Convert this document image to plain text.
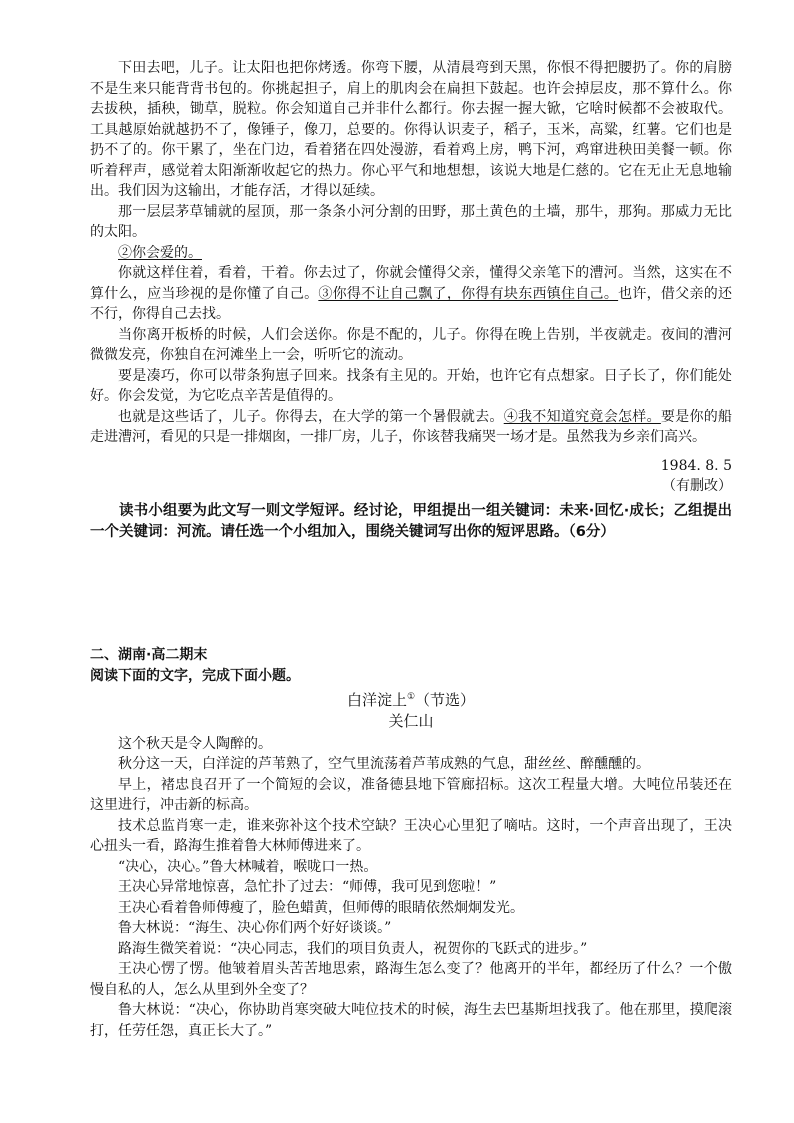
下田去吧，儿子。让太阳也把你烤透。你弯下腰，从清晨弯到天黑，你恨不得把腰扔了。你的肩膀不是生来只能背背书包的。你挑起担子，肩上的肌肉会在扁担下鼓起。也许会掉层皮，那不算什么。你去拔秧，插秧，锄草，脱粒。你会知道自己并非什么都行。你去握一握大锨，它啥时候都不会被取代。工具越原始就越扔不了，像锤子，像刀，总要的。你得认识麦子，稻子，玉米，高粱，红薯。它们也是扔不了的。你干累了，坐在门边，看着猪在四处漫游，看着鸡上房，鸭下河，鸡窜进秧田美餐一顿。你听着秤声，感觉着太阳渐渐收起它的热力。你心平气和地想想，该说大地是仁慈的。它在无止无息地输出。我们因为这输出，才能存活，才得以延续。

那一层层茅草铺就的屋顶，那一条条小河分割的田野，那土黄色的土墙，那牛，那狗。那威力无比的太阳。

②你会爱的。

你就这样住着，看着，干着。你去过了，你就会懂得父亲，懂得父亲笔下的漕河。当然，这实在不算什么，应当珍视的是你懂了自己。③你得不让自己飘了，你得有块东西镇住自己。也许，借父亲的还不行，你得自己去找。

当你离开板桥的时候，人们会送你。你是不配的，儿子。你得在晚上告别，半夜就走。夜间的漕河微微发亮，你独自在河滩坐上一会，听听它的流动。

要是凑巧，你可以带条狗崽子回来。找条有主见的。开始，也许它有点想家。日子长了，你们能处好。你会发觉，为它吃点辛苦是值得的。

也就是这些话了，儿子。你得去，在大学的第一个暑假就去。④我不知道究竟会怎样。要是你的船走进漕河，看见的只是一排烟囱，一排厂房，儿子，你该替我痛哭一场才是。虽然我为乡亲们高兴。

1984. 8. 5

（有删改）

读书小组要为此文写一则文学短评。经讨论，甲组提出一组关键词：未来·回忆·成长；乙组提出一个关键词：河流。请任选一个小组加入，围绕关键词写出你的短评思路。（6分）

二、湖南·高二期末

阅读下面的文字，完成下面小题。

白洋淀上①（节选）

关仁山

这个秋天是令人陶醉的。

秋分这一天，白洋淀的芦苇熟了，空气里流荡着芦苇成熟的气息，甜丝丝、醉醺醺的。

早上，褚忠良召开了一个简短的会议，准备德县地下管廊招标。这次工程量大增。大吨位吊装还在这里进行，冲击新的标高。

技术总监肖寒一走，谁来弥补这个技术空缺？王决心心里犯了嘀咕。这时，一个声音出现了，王决心扭头一看，路海生推着鲁大林师傅进来了。

“决心，决心。”鲁大林喊着，喉咙口一热。

王决心异常地惊喜，急忙扑了过去：“师傅，我可见到您啦！”

王决心看着鲁师傅瘦了，脸色蜡黄，但师傅的眼睛依然炯炯发光。

鲁大林说：“海生、决心你们两个好好谈谈。”

路海生微笑着说：“决心同志，我们的项目负责人，祝贺你的飞跃式的进步。”

王决心愣了愣。他皱着眉头苦苦地思索，路海生怎么变了？他离开的半年，都经历了什么？一个傲慢自私的人，怎么从里到外全变了？

鲁大林说：“决心，你协助肖寒突破大吨位技术的时候，海生去巴基斯坦找我了。他在那里，摸爬滚打，任劳任怨，真正长大了。”
